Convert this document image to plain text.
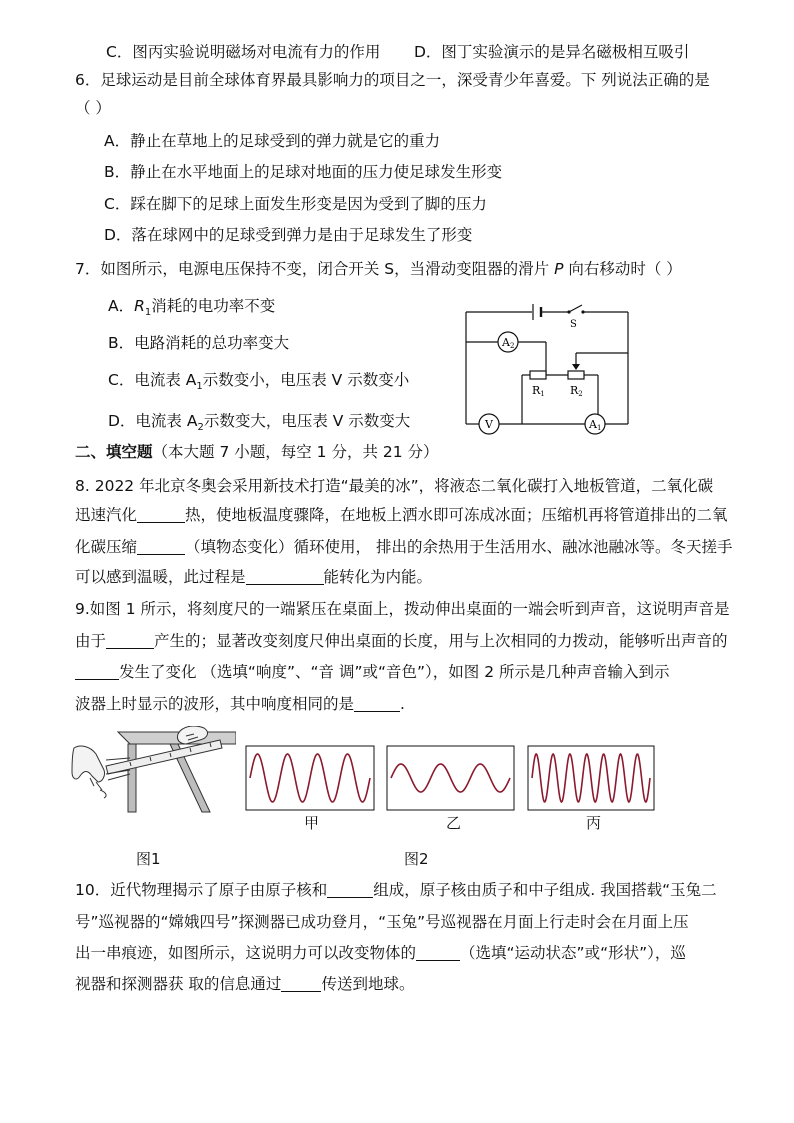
C．图丙实验说明磁场对电流有力的作用 D．图丁实验演示的是异名磁极相互吸引
6．足球运动是目前全球体育界最具影响力的项目之一，深受青少年喜爱。下 列说法正确的是
（ ）
A．静止在草地上的足球受到的弹力就是它的重力
B．静止在水平地面上的足球对地面的压力使足球发生形变
C．踩在脚下的足球上面发生形变是因为受到了脚的压力
D．落在球网中的足球受到弹力是由于足球发生了形变
7．如图所示，电源电压保持不变，闭合开关 S，当滑动变阻器的滑片 P 向右移动时（ ）
A．$R_1$消耗的电功率不变
B．电路消耗的总功率变大
C．电流表 $A_1$示数变小，电压表 V 示数变小
D．电流表 $A_2$示数变大，电压表 V 示数变大
S
A2
R1 R2
V	A1
二、填空题（本大题 7 小题，每空 1 分，共 21 分）
8. 2022 年北京冬奥会采用新技术打造“最美的冰”，将液态二氧化碳打入地板管道，二氧化碳
迅速汽化	热，使地板温度骤降，在地板上洒水即可冻成冰面；压缩机再将管道排出的二氧
化碳压缩	（填物态变化）循环使用， 排出的余热用于生活用水、融冰池融冰等。冬天搓手
可以感到温暖，此过程是	能转化为内能。
9.如图 1 所示，将刻度尺的一端紧压在桌面上，拨动伸出桌面的一端会听到声音，这说明声音是
由于	产生的；显著改变刻度尺伸出桌面的长度，用与上次相同的力拨动，能够听出声音的
发生了变化 （选填“响度”、“音 调”或“音色”），如图 2 所示是几种声音输入到示
波器上时显示的波形，其中响度相同的是	.
甲	乙	丙
图1	图2
10．近代物理揭示了原子由原子核和	组成，原子核由质子和中子组成. 我国搭载“玉兔二
号”巡视器的“嫦娥四号”探测器已成功登月，“玉兔”号巡视器在月面上行走时会在月面上压
出一串痕迹，如图所示，这说明力可以改变物体的	（选填“运动状态”或“形状”），巡
视器和探测器获 取的信息通过	传送到地球。
